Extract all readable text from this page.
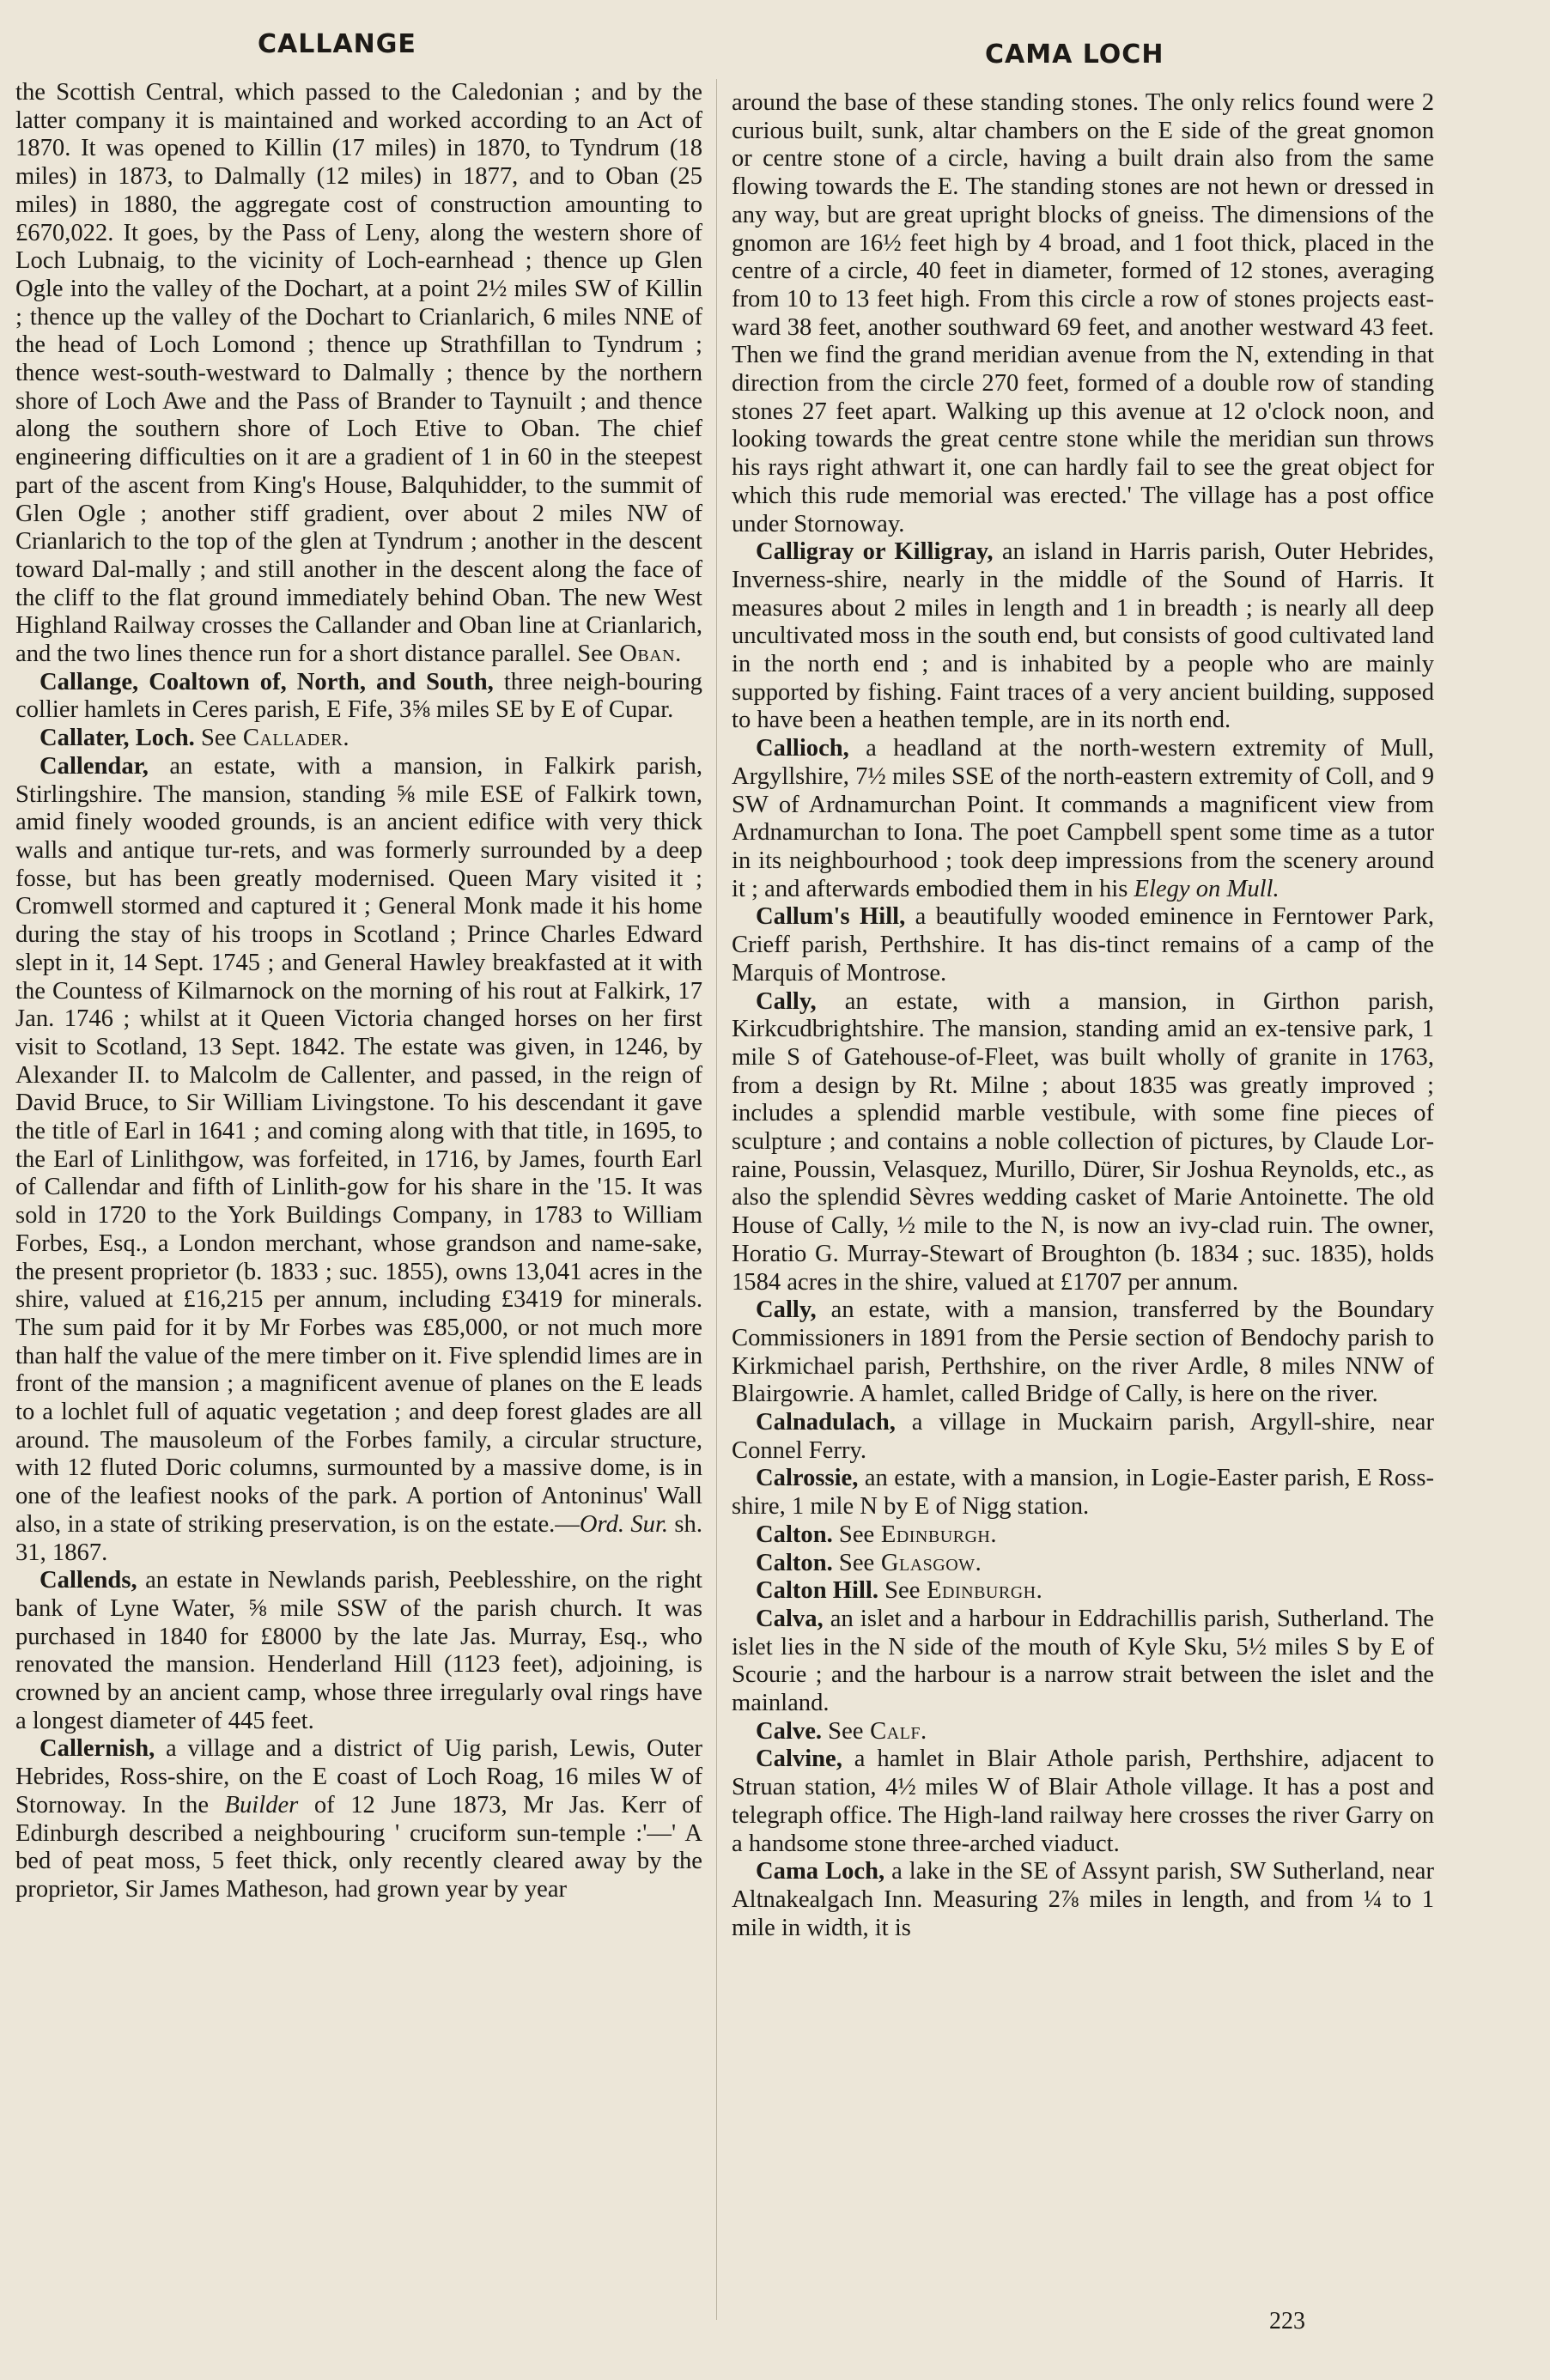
CALLANGE	CAMA LOCH

the Scottish Central, which passed to the Caledonian ; and by the latter company it is maintained and worked according to an Act of 1870. It was opened to Killin (17 miles) in 1870, to Tyndrum (18 miles) in 1873, to Dalmally (12 miles) in 1877, and to Oban (25 miles) in 1880, the aggregate cost of construction amounting to £670,022. It goes, by the Pass of Leny, along the western shore of Loch Lubnaig, to the vicinity of Loch-earnhead ; thence up Glen Ogle into the valley of the Dochart, at a point 2½ miles SW of Killin ; thence up the valley of the Dochart to Crianlarich, 6 miles NNE of the head of Loch Lomond ; thence up Strathfillan to Tyndrum ; thence west-south-westward to Dalmally ; thence by the northern shore of Loch Awe and the Pass of Brander to Taynuilt ; and thence along the southern shore of Loch Etive to Oban. The chief engineering difficulties on it are a gradient of 1 in 60 in the steepest part of the ascent from King's House, Balquhidder, to the summit of Glen Ogle ; another stiff gradient, over about 2 miles NW of Crianlarich to the top of the glen at Tyndrum ; another in the descent toward Dal-mally ; and still another in the descent along the face of the cliff to the flat ground immediately behind Oban. The new West Highland Railway crosses the Callander and Oban line at Crianlarich, and the two lines thence run for a short distance parallel. See Oban.

Callange, Coaltown of, North, and South, three neigh-bouring collier hamlets in Ceres parish, E Fife, 3⅝ miles SE by E of Cupar.

Callater, Loch. See Callader.

Callendar, an estate, with a mansion, in Falkirk parish, Stirlingshire. The mansion, standing ⅝ mile ESE of Falkirk town, amid finely wooded grounds, is an ancient edifice with very thick walls and antique tur-rets, and was formerly surrounded by a deep fosse, but has been greatly modernised. Queen Mary visited it ; Cromwell stormed and captured it ; General Monk made it his home during the stay of his troops in Scotland ; Prince Charles Edward slept in it, 14 Sept. 1745 ; and General Hawley breakfasted at it with the Countess of Kilmarnock on the morning of his rout at Falkirk, 17 Jan. 1746 ; whilst at it Queen Victoria changed horses on her first visit to Scotland, 13 Sept. 1842. The estate was given, in 1246, by Alexander II. to Malcolm de Callenter, and passed, in the reign of David Bruce, to Sir William Livingstone. To his descendant it gave the title of Earl in 1641 ; and coming along with that title, in 1695, to the Earl of Linlithgow, was forfeited, in 1716, by James, fourth Earl of Callendar and fifth of Linlith-gow for his share in the '15. It was sold in 1720 to the York Buildings Company, in 1783 to William Forbes, Esq., a London merchant, whose grandson and name-sake, the present proprietor (b. 1833 ; suc. 1855), owns 13,041 acres in the shire, valued at £16,215 per annum, including £3419 for minerals. The sum paid for it by Mr Forbes was £85,000, or not much more than half the value of the mere timber on it. Five splendid limes are in front of the mansion ; a magnificent avenue of planes on the E leads to a lochlet full of aquatic vegetation ; and deep forest glades are all around. The mausoleum of the Forbes family, a circular structure, with 12 fluted Doric columns, surmounted by a massive dome, is in one of the leafiest nooks of the park. A portion of Antoninus' Wall also, in a state of striking preservation, is on the estate.—Ord. Sur. sh. 31, 1867.

Callends, an estate in Newlands parish, Peeblesshire, on the right bank of Lyne Water, ⅝ mile SSW of the parish church. It was purchased in 1840 for £8000 by the late Jas. Murray, Esq., who renovated the mansion. Henderland Hill (1123 feet), adjoining, is crowned by an ancient camp, whose three irregularly oval rings have a longest diameter of 445 feet.

Callernish, a village and a district of Uig parish, Lewis, Outer Hebrides, Ross-shire, on the E coast of Loch Roag, 16 miles W of Stornoway. In the Builder of 12 June 1873, Mr Jas. Kerr of Edinburgh described a neighbouring ' cruciform sun-temple :'—' A bed of peat moss, 5 feet thick, only recently cleared away by the proprietor, Sir James Matheson, had grown year by year

around the base of these standing stones. The only relics found were 2 curious built, sunk, altar chambers on the E side of the great gnomon or centre stone of a circle, having a built drain also from the same flowing towards the E. The standing stones are not hewn or dressed in any way, but are great upright blocks of gneiss. The dimensions of the gnomon are 16½ feet high by 4 broad, and 1 foot thick, placed in the centre of a circle, 40 feet in diameter, formed of 12 stones, averaging from 10 to 13 feet high. From this circle a row of stones projects east-ward 38 feet, another southward 69 feet, and another westward 43 feet. Then we find the grand meridian avenue from the N, extending in that direction from the circle 270 feet, formed of a double row of standing stones 27 feet apart. Walking up this avenue at 12 o'clock noon, and looking towards the great centre stone while the meridian sun throws his rays right athwart it, one can hardly fail to see the great object for which this rude memorial was erected.' The village has a post office under Stornoway.

Calligray or Killigray, an island in Harris parish, Outer Hebrides, Inverness-shire, nearly in the middle of the Sound of Harris. It measures about 2 miles in length and 1 in breadth ; is nearly all deep uncultivated moss in the south end, but consists of good cultivated land in the north end ; and is inhabited by a people who are mainly supported by fishing. Faint traces of a very ancient building, supposed to have been a heathen temple, are in its north end.

Callioch, a headland at the north-western extremity of Mull, Argyllshire, 7½ miles SSE of the north-eastern extremity of Coll, and 9 SW of Ardnamurchan Point. It commands a magnificent view from Ardnamurchan to Iona. The poet Campbell spent some time as a tutor in its neighbourhood ; took deep impressions from the scenery around it ; and afterwards embodied them in his Elegy on Mull.

Callum's Hill, a beautifully wooded eminence in Ferntower Park, Crieff parish, Perthshire. It has dis-tinct remains of a camp of the Marquis of Montrose.

Cally, an estate, with a mansion, in Girthon parish, Kirkcudbrightshire. The mansion, standing amid an ex-tensive park, 1 mile S of Gatehouse-of-Fleet, was built wholly of granite in 1763, from a design by Rt. Milne ; about 1835 was greatly improved ; includes a splendid marble vestibule, with some fine pieces of sculpture ; and contains a noble collection of pictures, by Claude Lor-raine, Poussin, Velasquez, Murillo, Dürer, Sir Joshua Reynolds, etc., as also the splendid Sèvres wedding casket of Marie Antoinette. The old House of Cally, ½ mile to the N, is now an ivy-clad ruin. The owner, Horatio G. Murray-Stewart of Broughton (b. 1834 ; suc. 1835), holds 1584 acres in the shire, valued at £1707 per annum.

Cally, an estate, with a mansion, transferred by the Boundary Commissioners in 1891 from the Persie section of Bendochy parish to Kirkmichael parish, Perthshire, on the river Ardle, 8 miles NNW of Blairgowrie. A hamlet, called Bridge of Cally, is here on the river.

Calnadulach, a village in Muckairn parish, Argyll-shire, near Connel Ferry.

Calrossie, an estate, with a mansion, in Logie-Easter parish, E Ross-shire, 1 mile N by E of Nigg station.

Calton. See Edinburgh.

Calton. See Glasgow.

Calton Hill. See Edinburgh.

Calva, an islet and a harbour in Eddrachillis parish, Sutherland. The islet lies in the N side of the mouth of Kyle Sku, 5½ miles S by E of Scourie ; and the harbour is a narrow strait between the islet and the mainland.

Calve. See Calf.

Calvine, a hamlet in Blair Athole parish, Perthshire, adjacent to Struan station, 4½ miles W of Blair Athole village. It has a post and telegraph office. The High-land railway here crosses the river Garry on a handsome stone three-arched viaduct.

Cama Loch, a lake in the SE of Assynt parish, SW Sutherland, near Altnakealgach Inn. Measuring 2⅞ miles in length, and from ¼ to 1 mile in width, it is

223
